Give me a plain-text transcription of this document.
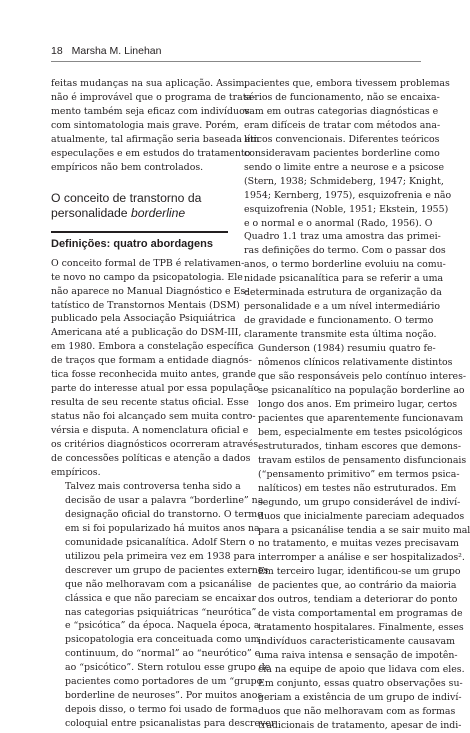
18 Marsha M. Linehan

feitas mudanças na sua aplicação. Assim,
não é improvável que o programa de trata-
mento também seja eficaz com indivíduos
com sintomatologia mais grave. Porém,
atualmente, tal afirmação seria baseada em
especulações e em estudos do tratamento
empíricos não bem controlados.

O conceito de transtorno da
personalidade borderline
Definições: quatro abordagens

O conceito formal de TPB é relativamen-
te novo no campo da psicopatologia. Ele
não aparece no Manual Diagnóstico e Es-
tatístico de Transtornos Mentais (DSM)
publicado pela Associação Psiquiátrica
Americana até a publicação do DSM-III,
em 1980. Embora a constelação específica
de traços que formam a entidade diagnós-
tica fosse reconhecida muito antes, grande
parte do interesse atual por essa população
resulta de seu recente status oficial. Esse
status não foi alcançado sem muita contro-
vérsia e disputa. A nomenclatura oficial e
os critérios diagnósticos ocorreram através
de concessões políticas e atenção a dados
empíricos.

Talvez mais controversa tenha sido a
decisão de usar a palavra “borderline” na
designação oficial do transtorno. O termo
em si foi popularizado há muitos anos na
comunidade psicanalítica. Adolf Stern o
utilizou pela primeira vez em 1938 para
descrever um grupo de pacientes externos
que não melhoravam com a psicanálise
clássica e que não pareciam se encaixar
nas categorias psiquiátricas “neurótica”
e “psicótica” da época. Naquela época, a
psicopatologia era conceituada como um
continuum, do “normal” ao “neurótico” e
ao “psicótico”. Stern rotulou esse grupo de
pacientes como portadores de um “grupo
borderline de neuroses”. Por muitos anos
depois disso, o termo foi usado de forma
coloquial entre psicanalistas para descrever

pacientes que, embora tivessem problemas
sérios de funcionamento, não se encaixa-
vam em outras categorias diagnósticas e
eram difíceis de tratar com métodos ana-
líticos convencionais. Diferentes teóricos
consideravam pacientes borderline como
sendo o limite entre a neurose e a psicose
(Stern, 1938; Schmideberg, 1947; Knight,
1954; Kernberg, 1975), esquizofrenia e não
esquizofrenia (Noble, 1951; Ekstein, 1955)
e o normal e o anormal (Rado, 1956). O
Quadro 1.1 traz uma amostra das primei-
ras definições do termo. Com o passar dos
anos, o termo borderline evoluiu na comu-
nidade psicanalítica para se referir a uma
determinada estrutura de organização da
personalidade e a um nível intermediário
de gravidade e funcionamento. O termo
claramente transmite esta última noção.

Gunderson (1984) resumiu quatro fe-
nômenos clínicos relativamente distintos
que são responsáveis pelo contínuo interes-
se psicanalítico na população borderline ao
longo dos anos. Em primeiro lugar, certos
pacientes que aparentemente funcionavam
bem, especialmente em testes psicológicos
estruturados, tinham escores que demons-
travam estilos de pensamento disfuncionais
(“pensamento primitivo” em termos psica-
nalíticos) em testes não estruturados. Em
segundo, um grupo considerável de indiví-
duos que inicialmente pareciam adequados
para a psicanálise tendia a se sair muito mal
no tratamento, e muitas vezes precisavam
interromper a análise e ser hospitalizados².
Em terceiro lugar, identificou-se um grupo
de pacientes que, ao contrário da maioria
dos outros, tendiam a deteriorar do ponto
de vista comportamental em programas de
tratamento hospitalares. Finalmente, esses
indivíduos caracteristicamente causavam
uma raiva intensa e sensação de impotên-
cia na equipe de apoio que lidava com eles.
Em conjunto, essas quatro observações su-
geriam a existência de um grupo de indiví-
duos que não melhoravam com as formas
tradicionais de tratamento, apesar de indi-
